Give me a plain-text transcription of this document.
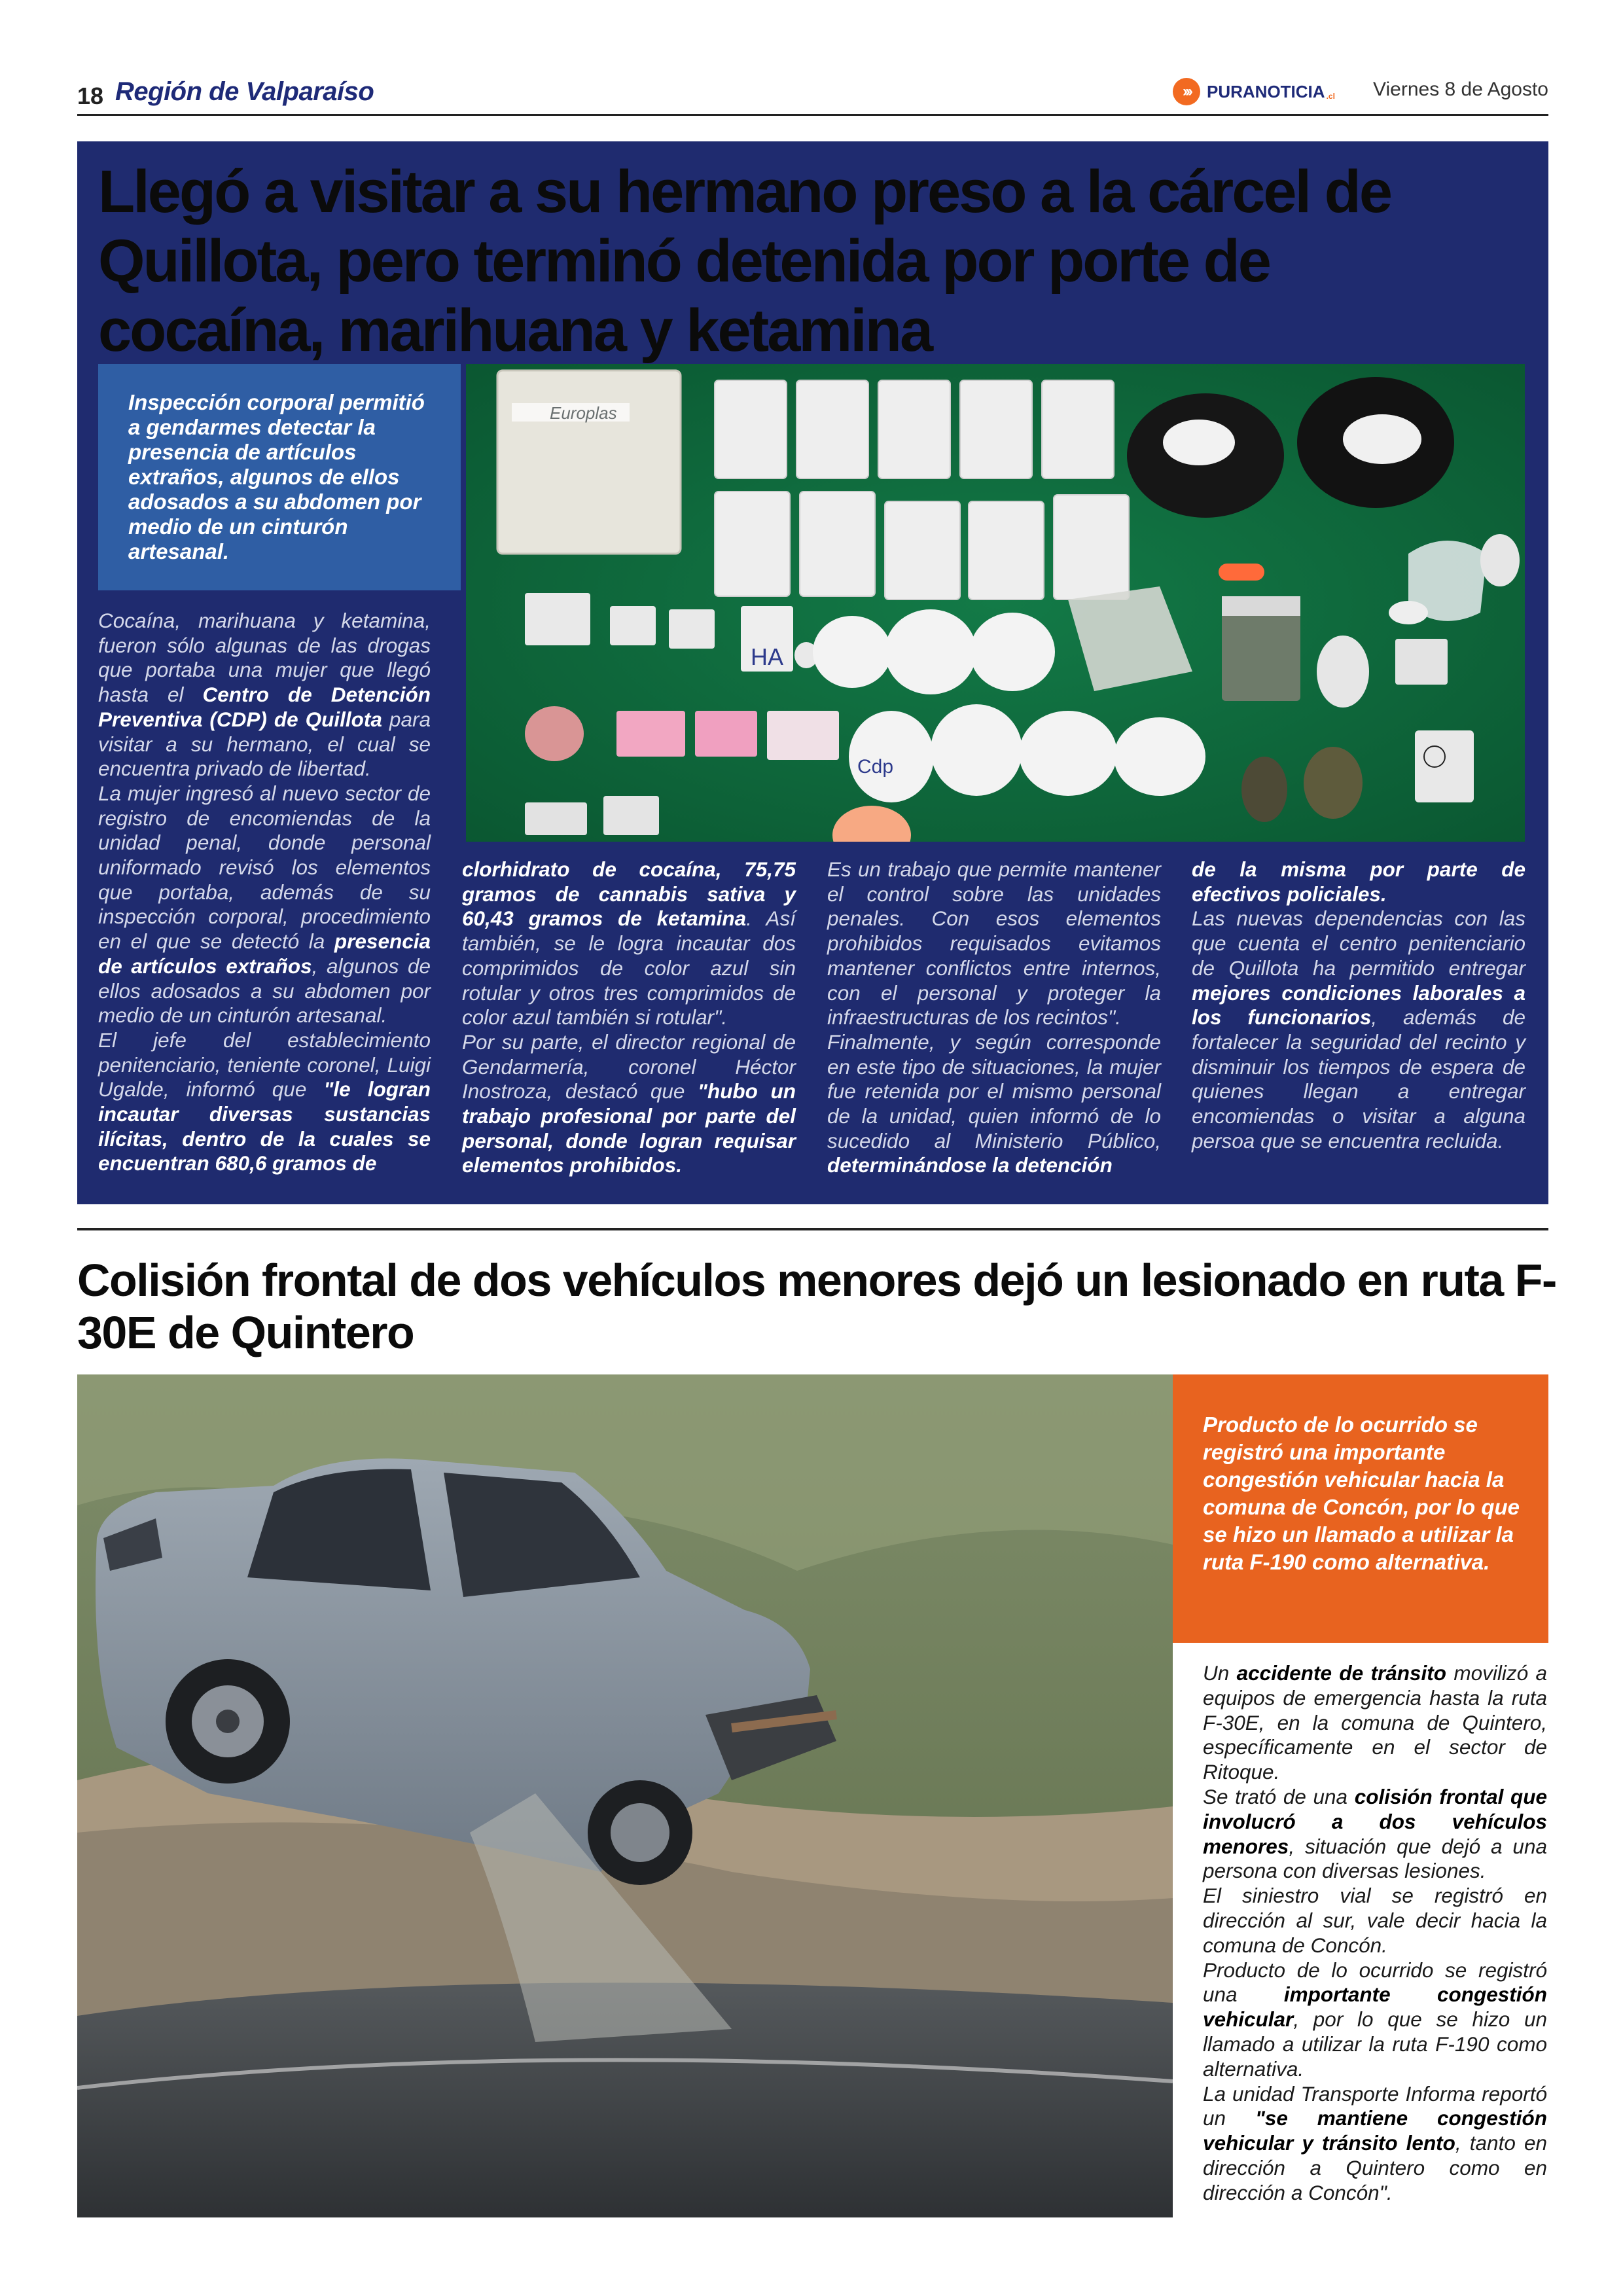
18 Región de Valparaíso	››› PURANOTICIA .cl Viernes 8 de Agosto
Llegó a visitar a su hermano preso a la cárcel de Quillota, pero terminó detenida por porte de cocaína, marihuana y ketamina

Inspección corporal permitió a gendarmes detectar la presencia de artículos extraños, algunos de ellos adosados a su abdomen por medio de un cinturón artesanal.

Europlas
HA
Cdp
Cocaína, marihuana y ketamina, fueron sólo algunas de las drogas que portaba una mujer que llegó hasta el Centro de Detención Preventiva (CDP) de Quillota para visitar a su hermano, el cual se encuentra privado de libertad.
La mujer ingresó al nuevo sector de registro de encomiendas de la unidad penal, donde personal uniformado revisó los elementos que portaba, además de su inspección corporal, procedimiento en el que se detectó la presencia de artículos extraños, algunos de ellos adosados a su abdomen por medio de un cinturón artesanal.
El jefe del establecimiento penitenciario, teniente coronel, Luigi Ugalde, informó que "le logran incautar diversas sustancias ilícitas, dentro de la cuales se encuentran 680,6 gramos de
clorhidrato de cocaína, 75,75 gramos de cannabis sativa y 60,43 gramos de ketamina. Así también, se le logra incautar dos comprimidos de color azul sin rotular y otros tres comprimidos de color azul también si rotular".
Por su parte, el director regional de Gendarmería, coronel Héctor Inostroza, destacó que "hubo un trabajo profesional por parte del personal, donde logran requisar elementos prohibidos.
Es un trabajo que permite mantener el control sobre las unidades penales. Con esos elementos prohibidos requisados evitamos mantener conflictos entre internos, con el personal y proteger la infraestructuras de los recintos".
Finalmente, y según corresponde en este tipo de situaciones, la mujer fue retenida por el mismo personal de la unidad, quien informó de lo sucedido al Ministerio Público, determinándose la detención
de la misma por parte de efectivos policiales.
Las nuevas dependencias con las que cuenta el centro penitenciario de Quillota ha permitido entregar mejores condiciones laborales a los funcionarios, además de fortalecer la seguridad del recinto y disminuir los tiempos de espera de quienes llegan a entregar encomiendas o visitar a alguna persoa que se encuentra recluida.
Colisión frontal de dos vehículos menores dejó un lesionado en ruta F-30E de Quintero

Producto de lo ocurrido se registró una importante congestión vehicular hacia la comuna de Concón, por lo que se hizo un llamado a utilizar la ruta F-190 como alternativa.

Un accidente de tránsito movilizó a equipos de emergencia hasta la ruta F-30E, en la comuna de Quintero, específicamente en el sector de Ritoque.
Se trató de una colisión frontal que involucró a dos vehículos menores, situación que dejó a una persona con diversas lesiones.
El siniestro vial se registró en dirección al sur, vale decir hacia la comuna de Concón.
Producto de lo ocurrido se registró una importante congestión vehicular, por lo que se hizo un llamado a utilizar la ruta F-190 como alternativa.
La unidad Transporte Informa reportó un "se mantiene congestión vehicular y tránsito lento, tanto en dirección a Quintero como en dirección a Concón".
